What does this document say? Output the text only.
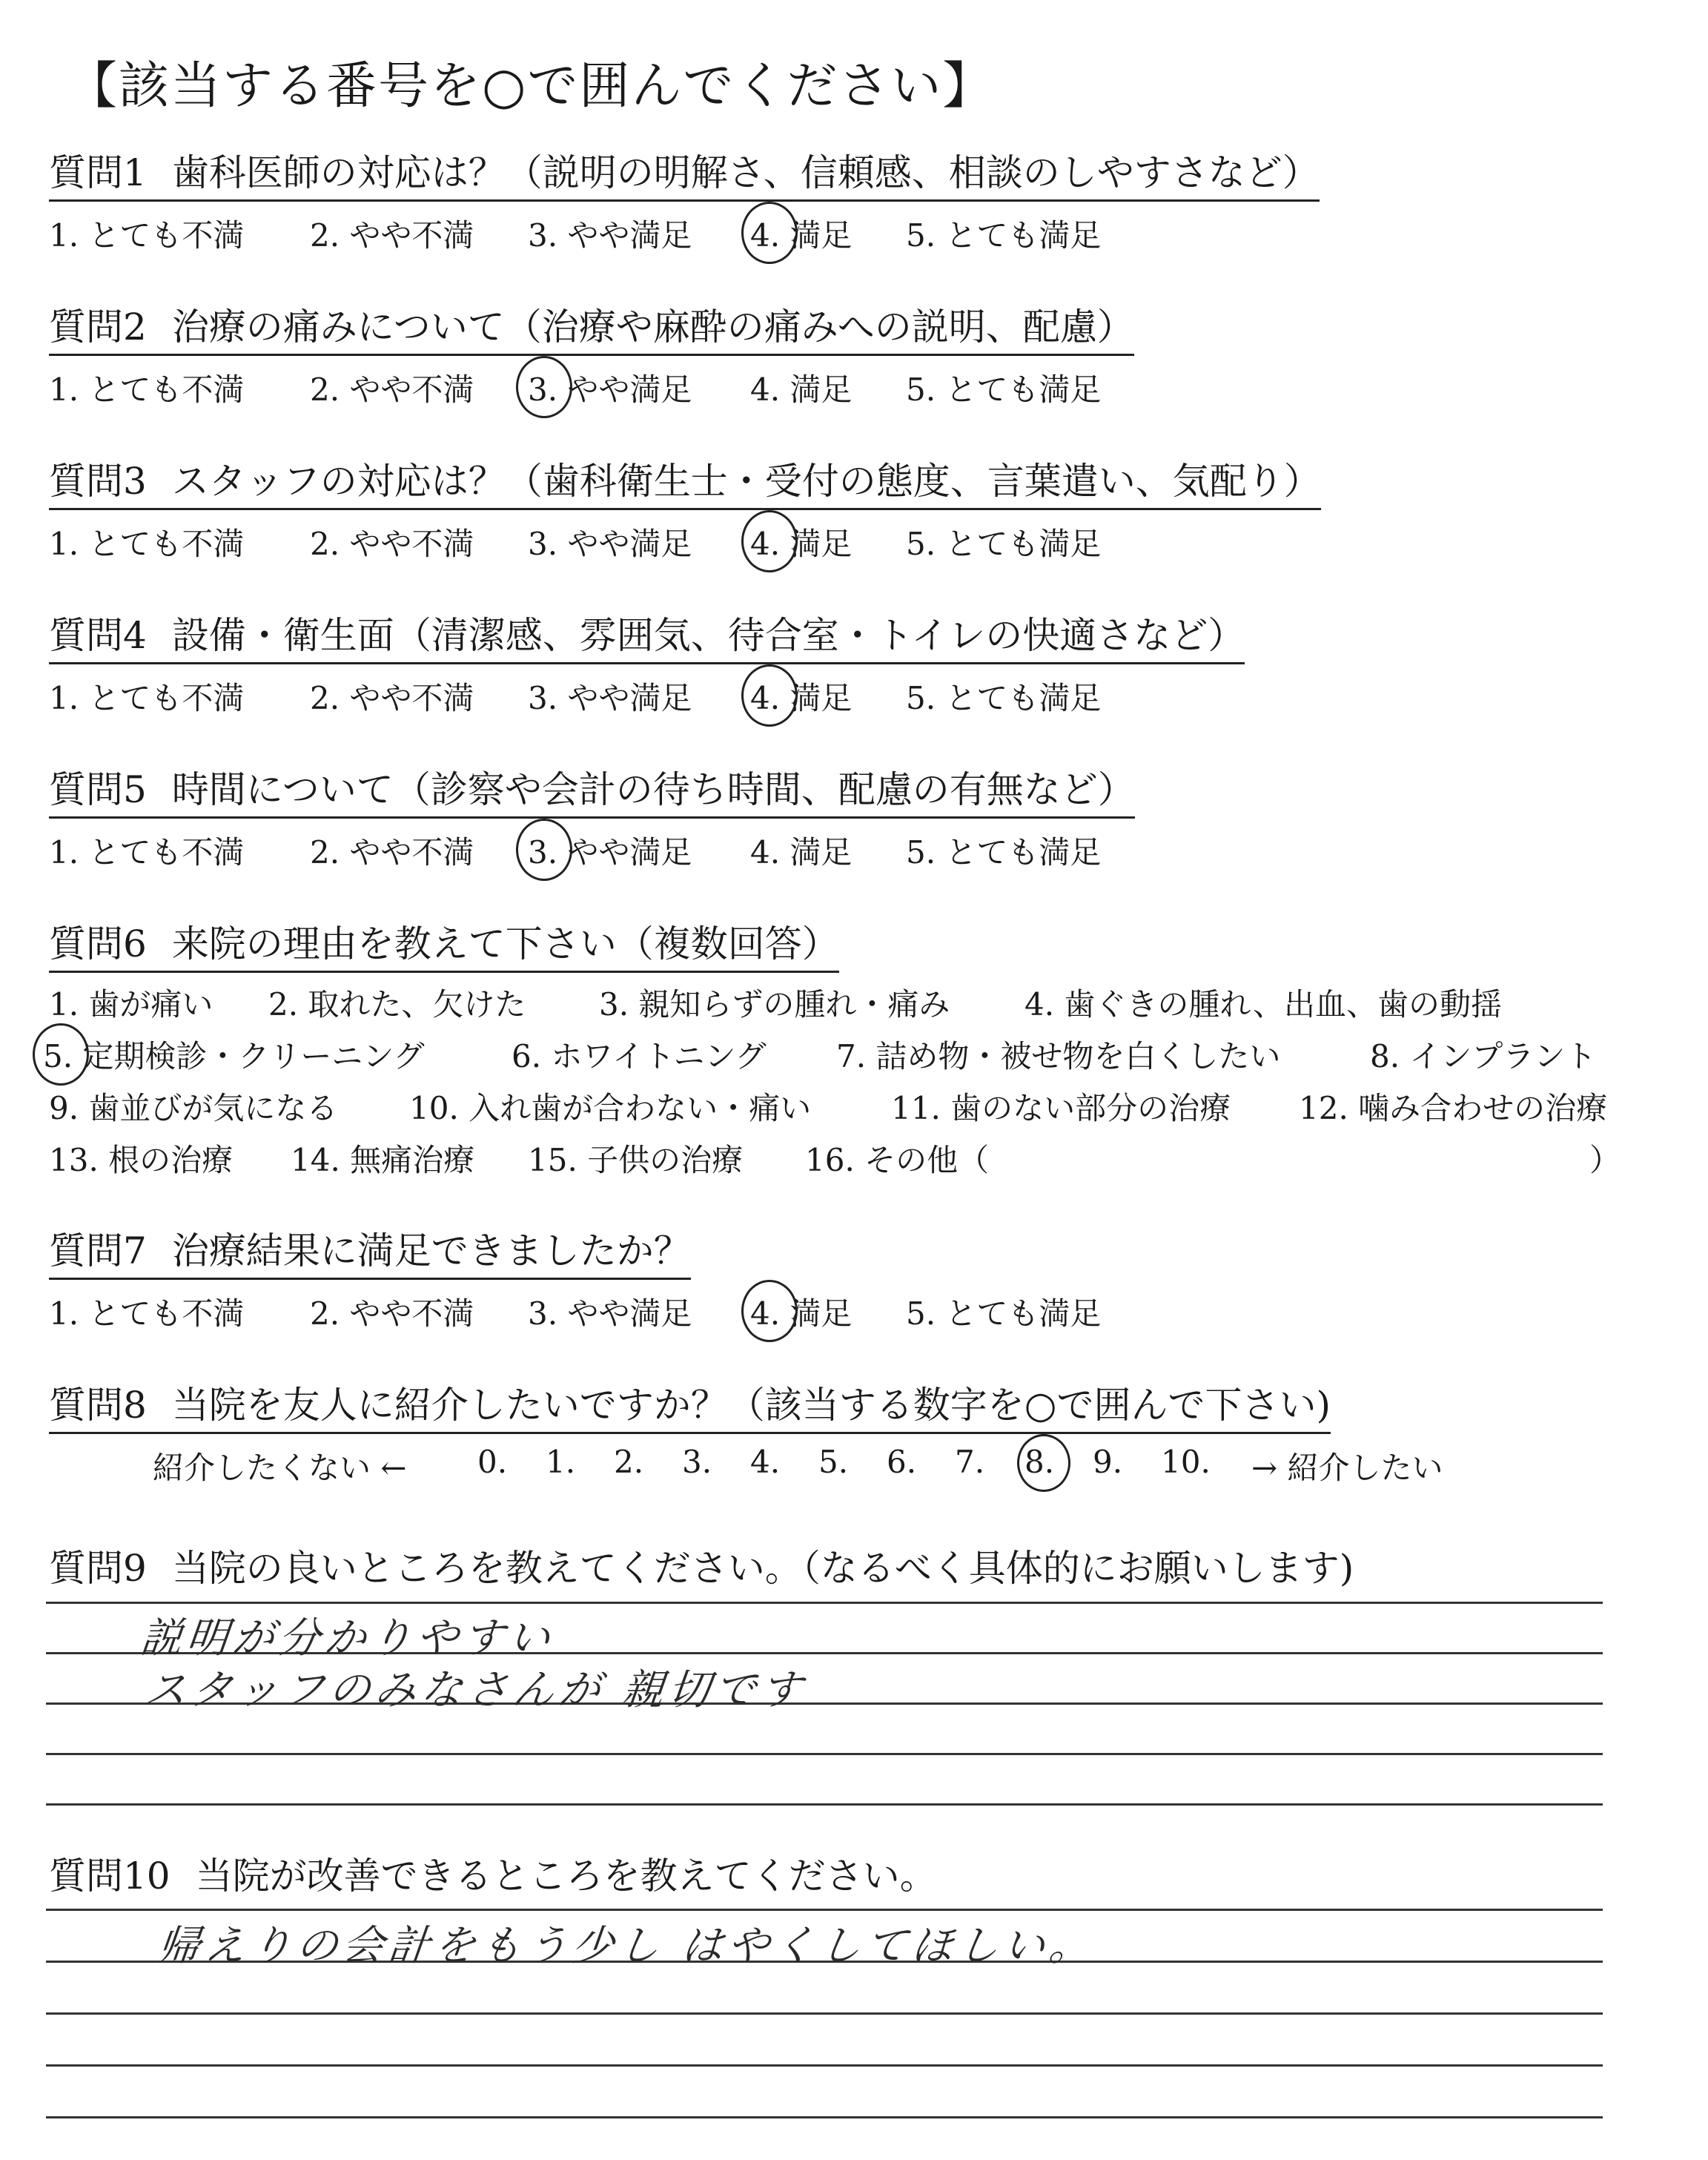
【該当する番号を○で囲んでください】
質問1 歯科医師の対応は？（説明の明解さ、信頼感、相談のしやすさなど）
1. とても不満 2. やや不満 3. やや満足 4. 満足 5. とても満足
質問2 治療の痛みについて（治療や麻酔の痛みへの説明、配慮）
1. とても不満 2. やや不満 3. やや満足 4. 満足 5. とても満足
質問3 スタッフの対応は？（歯科衛生士・受付の態度、言葉遣い、気配り）
1. とても不満 2. やや不満 3. やや満足 4. 満足 5. とても満足
質問4 設備・衛生面（清潔感、雰囲気、待合室・トイレの快適さなど）
1. とても不満 2. やや不満 3. やや満足 4. 満足 5. とても満足
質問5 時間について（診察や会計の待ち時間、配慮の有無など）
1. とても不満 2. やや不満 3. やや満足 4. 満足 5. とても満足
質問6 来院の理由を教えて下さい（複数回答）
1. 歯が痛い 2. 取れた、欠けた 3. 親知らずの腫れ・痛み 4. 歯ぐきの腫れ、出血、歯の動揺
5. 定期検診・クリーニング	6. ホワイトニング 7. 詰め物・被せ物を白くしたい	8. インプラント
9. 歯並びが気になる 10. 入れ歯が合わない・痛い	11. 歯のない部分の治療 12. 噛み合わせの治療
13. 根の治療 14. 無痛治療 15. 子供の治療 16. その他（	）
質問7 治療結果に満足できましたか？
1. とても不満 2. やや不満 3. やや満足 4. 満足 5. とても満足
質問8 当院を友人に紹介したいですか？（該当する数字を○で囲んで下さい)
紹介したくない ← 0. 1. 2. 3. 4. 5. 6. 7. 8. 9. 10. → 紹介したい
質問9 当院の良いところを教えてください。（なるべく具体的にお願いします)
説明が分かりやすい
スタッフのみなさんが 親切です
質問10 当院が改善できるところを教えてください。
帰えりの会計をもう少し はやくしてほしい。
